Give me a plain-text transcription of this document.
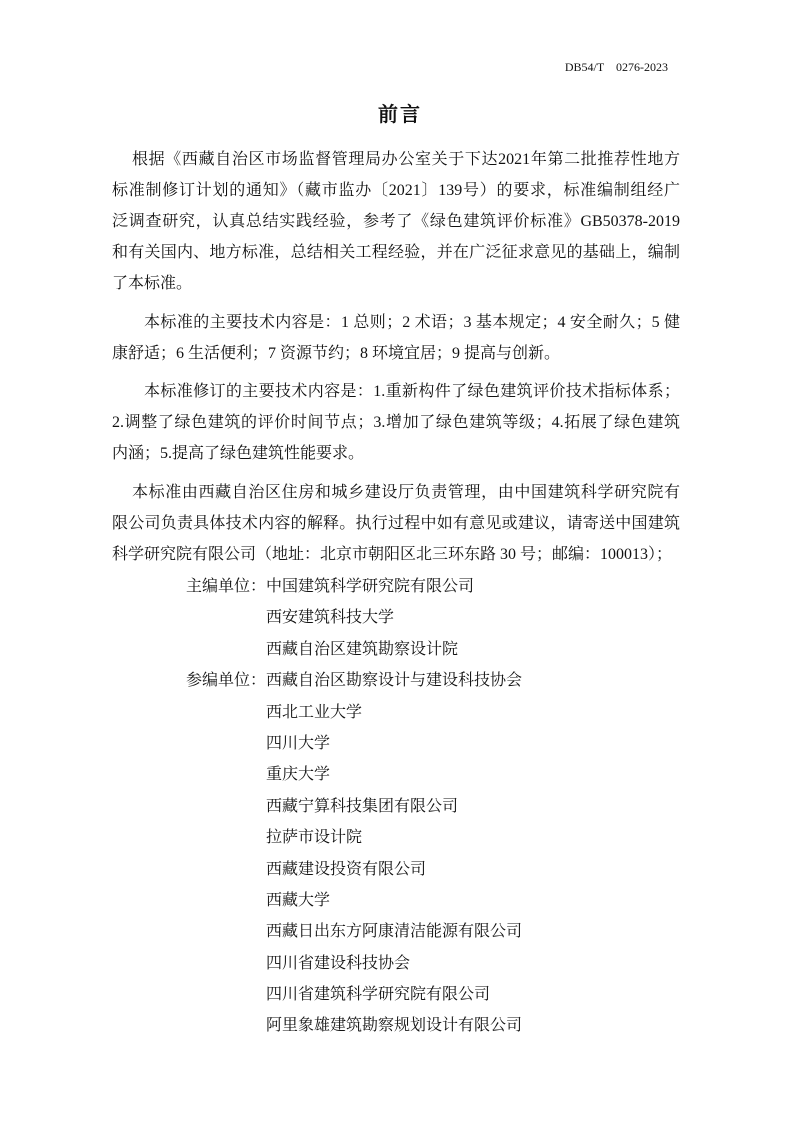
DB54/T　0276-2023
前言
根据《西藏自治区市场监督管理局办公室关于下达2021年第二批推荐性地方
标准制修订计划的通知》（藏市监办〔2021〕139号）的要求，标准编制组经广
泛调查研究，认真总结实践经验，参考了《绿色建筑评价标准》GB50378-2019
和有关国内、地方标准，总结相关工程经验，并在广泛征求意见的基础上，编制
了本标准。
本标准的主要技术内容是：1 总则；2 术语；3 基本规定；4 安全耐久；5 健
康舒适；6 生活便利；7 资源节约；8 环境宜居；9 提高与创新。
本标准修订的主要技术内容是：1.重新构件了绿色建筑评价技术指标体系；
2.调整了绿色建筑的评价时间节点；3.增加了绿色建筑等级；4.拓展了绿色建筑
内涵；5.提高了绿色建筑性能要求。
本标准由西藏自治区住房和城乡建设厅负责管理，由中国建筑科学研究院有
限公司负责具体技术内容的解释。执行过程中如有意见或建议，请寄送中国建筑
科学研究院有限公司（地址：北京市朝阳区北三环东路 30 号；邮编：100013）；
主编单位： 中国建筑科学研究院有限公司
西安建筑科技大学
西藏自治区建筑勘察设计院
参编单位： 西藏自治区勘察设计与建设科技协会
西北工业大学
四川大学
重庆大学
西藏宁算科技集团有限公司
拉萨市设计院
西藏建设投资有限公司
西藏大学
西藏日出东方阿康清洁能源有限公司
四川省建设科技协会
四川省建筑科学研究院有限公司
阿里象雄建筑勘察规划设计有限公司
